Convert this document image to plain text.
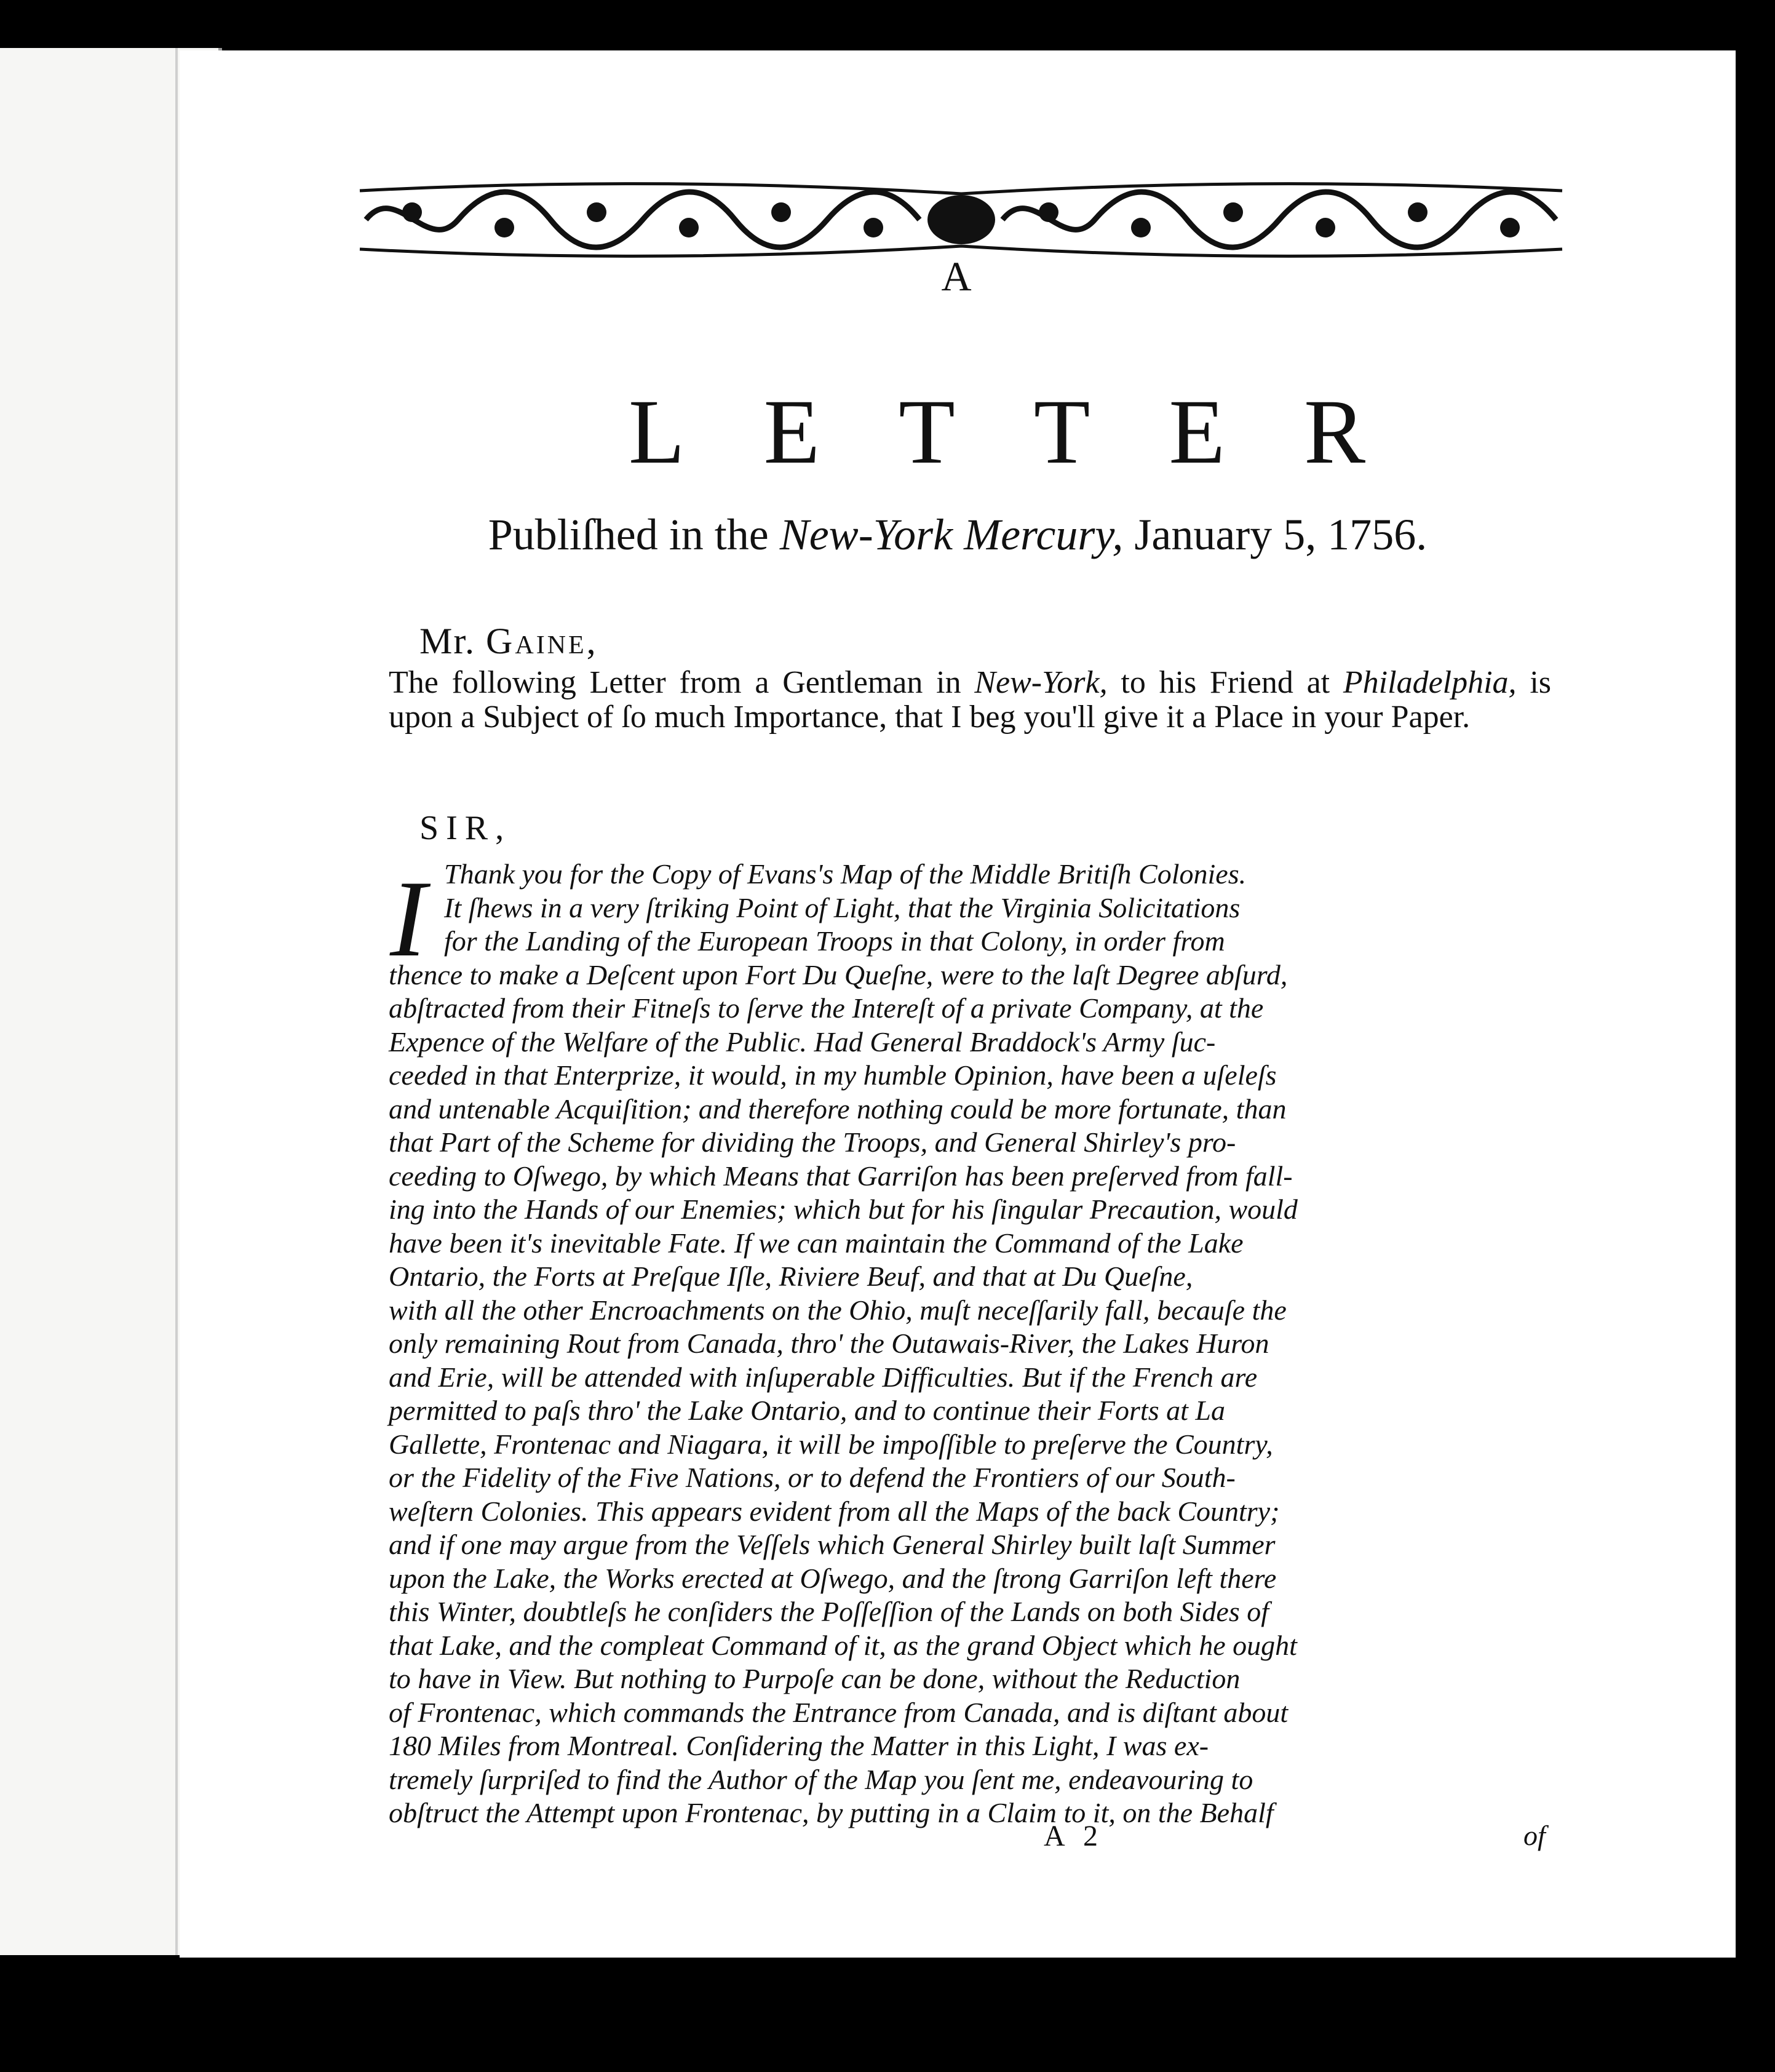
A
LETTER
Publiſhed in the New-York Mercury, January 5, 1756.
Mr. Gaine,
The following Letter from a Gentleman in New-York, to his Friend at Philadelphia, is upon a Subject of ſo much Importance, that I beg you'll give it a Place in your Paper.
SIR,
I Thank you for the Copy of Evans's Map of the Middle Britiſh Colonies.
It ſhews in a very ſtriking Point of Light, that the Virginia Solicitations
for the Landing of the European Troops in that Colony, in order from
thence to make a Deſcent upon Fort Du Queſne, were to the laſt Degree abſurd,
abſtracted from their Fitneſs to ſerve the Intereſt of a private Company, at the
Expence of the Welfare of the Public. Had General Braddock's Army ſuc-
ceeded in that Enterprize, it would, in my humble Opinion, have been a uſeleſs
and untenable Acquiſition; and therefore nothing could be more fortunate, than
that Part of the Scheme for dividing the Troops, and General Shirley's pro-
ceeding to Oſwego, by which Means that Garriſon has been preſerved from fall-
ing into the Hands of our Enemies; which but for his ſingular Precaution, would
have been it's inevitable Fate. If we can maintain the Command of the Lake
Ontario, the Forts at Preſque Iſle, Riviere Beuf, and that at Du Queſne,
with all the other Encroachments on the Ohio, muſt neceſſarily fall, becauſe the
only remaining Rout from Canada, thro' the Outawais-River, the Lakes Huron
and Erie, will be attended with inſuperable Difficulties. But if the French are
permitted to paſs thro' the Lake Ontario, and to continue their Forts at La
Gallette, Frontenac and Niagara, it will be impoſſible to preſerve the Country,
or the Fidelity of the Five Nations, or to defend the Frontiers of our South-
weſtern Colonies. This appears evident from all the Maps of the back Country;
and if one may argue from the Veſſels which General Shirley built laſt Summer
upon the Lake, the Works erected at Oſwego, and the ſtrong Garriſon left there
this Winter, doubtleſs he conſiders the Poſſeſſion of the Lands on both Sides of
that Lake, and the compleat Command of it, as the grand Object which he ought
to have in View. But nothing to Purpoſe can be done, without the Reduction
of Frontenac, which commands the Entrance from Canada, and is diſtant about
180 Miles from Montreal. Conſidering the Matter in this Light, I was ex-
tremely ſurpriſed to find the Author of the Map you ſent me, endeavouring to
obſtruct the Attempt upon Frontenac, by putting in a Claim to it, on the Behalf
A 2	of
